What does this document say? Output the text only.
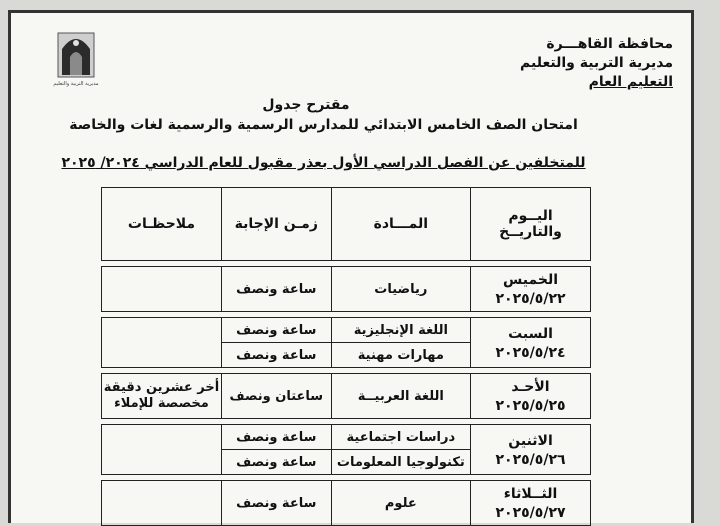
مديرية التربية والتعليم
محافظة القاهـــرة
مديرية التربية والتعليم
التعليم العام
مقترح جدول
امتحان الصف الخامس الابتدائي للمدارس الرسمية والرسمية لغات والخاصة
للمتخلفين عن الفصل الدراسي الأول بعذر مقبول للعام الدراسي ٢٠٢٤/ ٢٠٢٥
اليــوم
والتاريــخ	المـــادة	زمـن الإجابة	ملاحظـات

الخميس
٢٠٢٥/٥/٢٢	رياضيات	ساعة ونصف	

السبت
٢٠٢٥/٥/٢٤	اللغة الإنجليزية	ساعة ونصف	
	مهارات مهنية	ساعة ونصف	

الأحـد
٢٠٢٥/٥/٢٥	اللغة العربيــة	ساعتان ونصف	أخر عشرين دقيقة مخصصة للإملاء

الاثنين
٢٠٢٥/٥/٢٦	دراسات اجتماعية	ساعة ونصف	
	تكنولوجيا المعلومات	ساعة ونصف	

الثــلاثاء
٢٠٢٥/٥/٢٧	علوم	ساعة ونصف	
